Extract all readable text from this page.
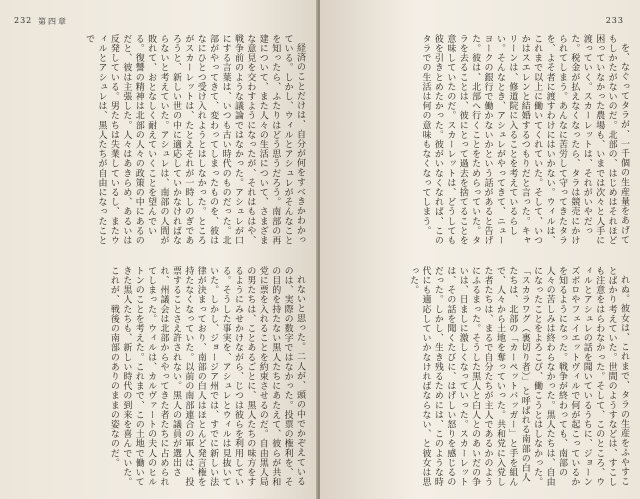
232 第四章

経済のことだけは、自分が何をすべきかわかっている。しかし、ウィルとアシュレがそんなことを知ったら、ふたりはどう思うだろう。南部の再建について、また人々の生活について、さまざまな意見を交わすようになったが、それはもはや、戦争前のような議論ではなかった。アシュレが口にする言葉は、いつも古い時代のものだった。北部がやってきて、変わってしまったものを、彼はなにひとつ受け入れようとはしなかった。ところがスカーレットは、たとえそれが一時しのぎであろうと、新しい世の中に適応していかなければならないと考えていた。アシュレは、南部の人間が敗れて、おとなしく耐えていくことを望んでいる。復讐の精神は北部の人々の政策の中にあるのだと、彼は主張した。人々はあきらめ、あるいは反発している。男たちは失業しているし、またウィルとアシュレは、黒人たちが自由になったことで

れないと思った。二人が、頭の中でかぞえているのは、実際の数字ではなかった。投票の権利を、その目的を持たない黒人たちにあたえて、彼らが共和党に票を入れることを約束させるのだ。自由黒人局の男たちは、ことあるごとに、黒人たちの味方をするようにみせかけながら、じつは彼らを利用している。そうした事実を、アシュレとウィルは見抜いていた。しかし、ジョージア州では、すでに新しい法律が決まっており、南部の白人はほとんど発言権を持たなくなっていた。以前の南部連合の軍人は、投票することさえ許されない。黒人の議員が選出され、州議会は北部からやってきた者たちに占められてしまった。ウィルは、カルヴァートの夫人のヒルトンのことを考えた。これまで、この土地で働いてきた黒人たちも、新しい時代の到来を喜んでいた。これが、戦後の南部のありのままの姿なのだ。

233

を、なぐってタラが、一千個の生産量をあげてもしかたがないのだ。北部の、はじめはそれほど困っていなかった農場も、いまでは次々と人手に渡っていく。スカーレットは、それがいやだった。税金が払えなくなったら、タラは競売にかけられてしまう。あんなに苦労して守ってきたタラを、よそ者に渡すわけにはいかない。ウィルは、これまで以上に働いてくれていた。そして、いつかはスエレンと結婚するつもりだと言った。キャリーンは、修道院に入ることを考えているらしい。そんなとき、アシュレがやってきて、ニューヨークの銀行で働かないかという話があると告げた。彼は、北部へ行くことをためらっていた。タラを去ることは、彼にとって過去を捨てることを意味していたのだ。スカーレットは、どうしても彼を引きとめたかった。彼がいなくなれば、このタラでの生活は何の意味もなくなってしまう。

れぬ。彼女は、これまで、タラの生産をふやすことばかり考えていた。世間のようすなどは、すこしも注意をはらわなかった。そして、このところ、ウィルとアシュレの話を聞いているうちに、ジョーンズボロやフェイエットヴィルで何が起こっているかを知るようになった。戦争が終わっても、南部の人々の苦しみは終わらなかった。黒人たちは、自由になったことをよろこび、働こうとはしなかった。「スカラワグ（裏切り者）」と呼ばれる南部の白人たちは、北部の「カーペットバッガー」と手を組んで、人々から土地を奪っていった。共和党に入党した者たちは、まるで自分たちが主人であるかのようにふるまった。そうした黒人と白人とのあいだの争いは、日ましに激しくなっていった。スカーレットは、その話を聞くたびに、はげしい怒りを感じるのだった。しかし、生き残るためには、このような時代にも適応していかなければならない、と彼女は思った。
